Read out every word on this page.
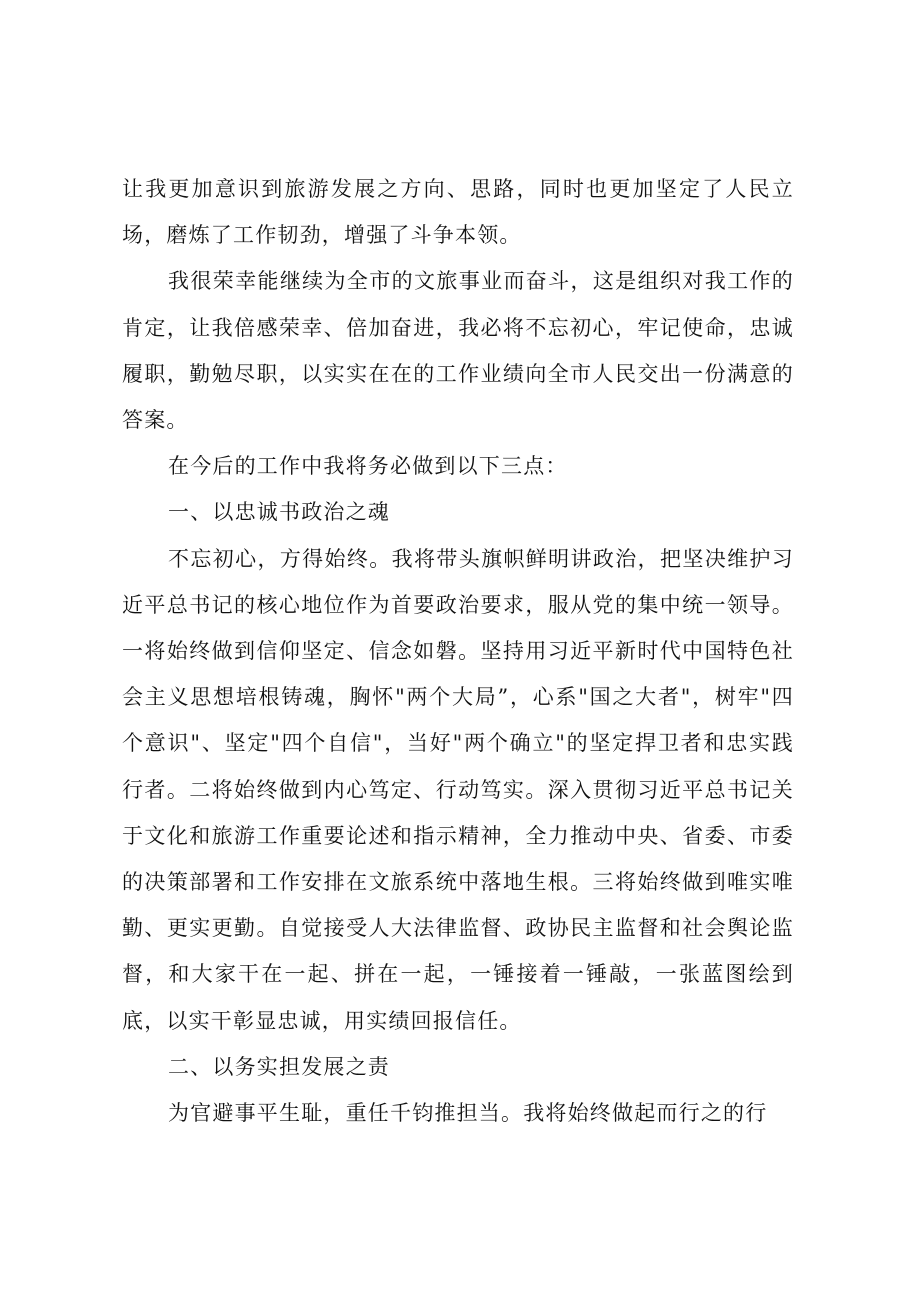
让我更加意识到旅游发展之方向、思路，同时也更加坚定了人民立场，磨炼了工作韧劲，增强了斗争本领。

我很荣幸能继续为全市的文旅事业而奋斗，这是组织对我工作的肯定，让我倍感荣幸、倍加奋进，我必将不忘初心，牢记使命，忠诚履职，勤勉尽职，以实实在在的工作业绩向全市人民交出一份满意的答案。

在今后的工作中我将务必做到以下三点：

一、以忠诚书政治之魂

不忘初心，方得始终。我将带头旗帜鲜明讲政治，把坚决维护习近平总书记的核心地位作为首要政治要求，服从党的集中统一领导。一将始终做到信仰坚定、信念如磐。坚持用习近平新时代中国特色社会主义思想培根铸魂，胸怀"两个大局”，心系"国之大者"，树牢"四个意识"、坚定"四个自信"，当好"两个确立"的坚定捍卫者和忠实践行者。二将始终做到内心笃定、行动笃实。深入贯彻习近平总书记关于文化和旅游工作重要论述和指示精神，全力推动中央、省委、市委的决策部署和工作安排在文旅系统中落地生根。三将始终做到唯实唯勤、更实更勤。自觉接受人大法律监督、政协民主监督和社会舆论监督，和大家干在一起、拼在一起，一锤接着一锤敲，一张蓝图绘到底，以实干彰显忠诚，用实绩回报信任。

二、以务实担发展之责

为官避事平生耻，重任千钧推担当。我将始终做起而行之的行
